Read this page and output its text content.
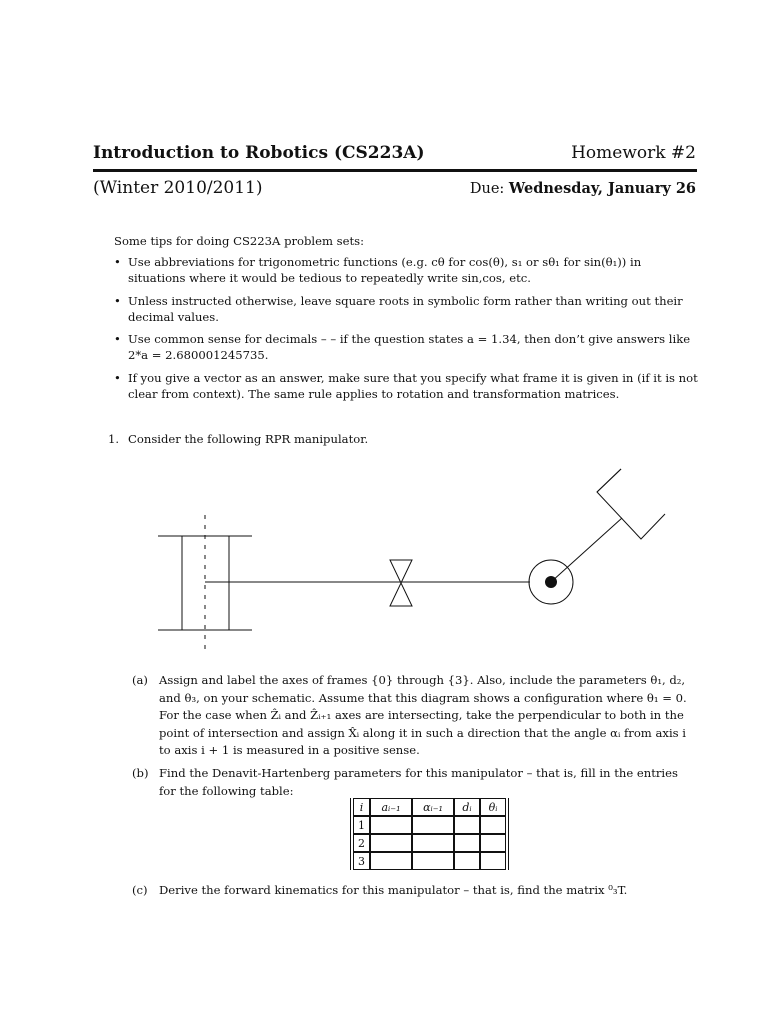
Introduction to Robotics (CS223A)	Homework #2
(Winter 2010/2011)	Due: Wednesday, January 26
Some tips for doing CS223A problem sets:
• Use abbreviations for trigonometric functions (e.g. cθ for cos(θ), s₁ or sθ₁ for sin(θ₁)) in situations where it would be tedious to repeatedly write sin,cos, etc.
• Unless instructed otherwise, leave square roots in symbolic form rather than writing out their decimal values.
• Use common sense for decimals – – if the question states a = 1.34, then don’t give answers like 2*a = 2.680001245735.
• If you give a vector as an answer, make sure that you specify what frame it is given in (if it is not clear from context). The same rule applies to rotation and transformation matrices.
1. Consider the following RPR manipulator.
(a) Assign and label the axes of frames {0} through {3}. Also, include the parameters θ₁, d₂, and θ₃, on your schematic. Assume that this diagram shows a configuration where θ₁ = 0. For the case when Ẑᵢ and Ẑᵢ₊₁ axes are intersecting, take the perpendicular to both in the point of intersection and assign X̂ᵢ along it in such a direction that the angle αᵢ from axis i to axis i + 1 is measured in a positive sense.
(b) Find the Denavit-Hartenberg parameters for this manipulator – that is, fill in the entries for the following table:
i	aᵢ₋₁	αᵢ₋₁	dᵢ	θᵢ
1				
2				
3				
(c) Derive the forward kinematics for this manipulator – that is, find the matrix ⁰₃T.
